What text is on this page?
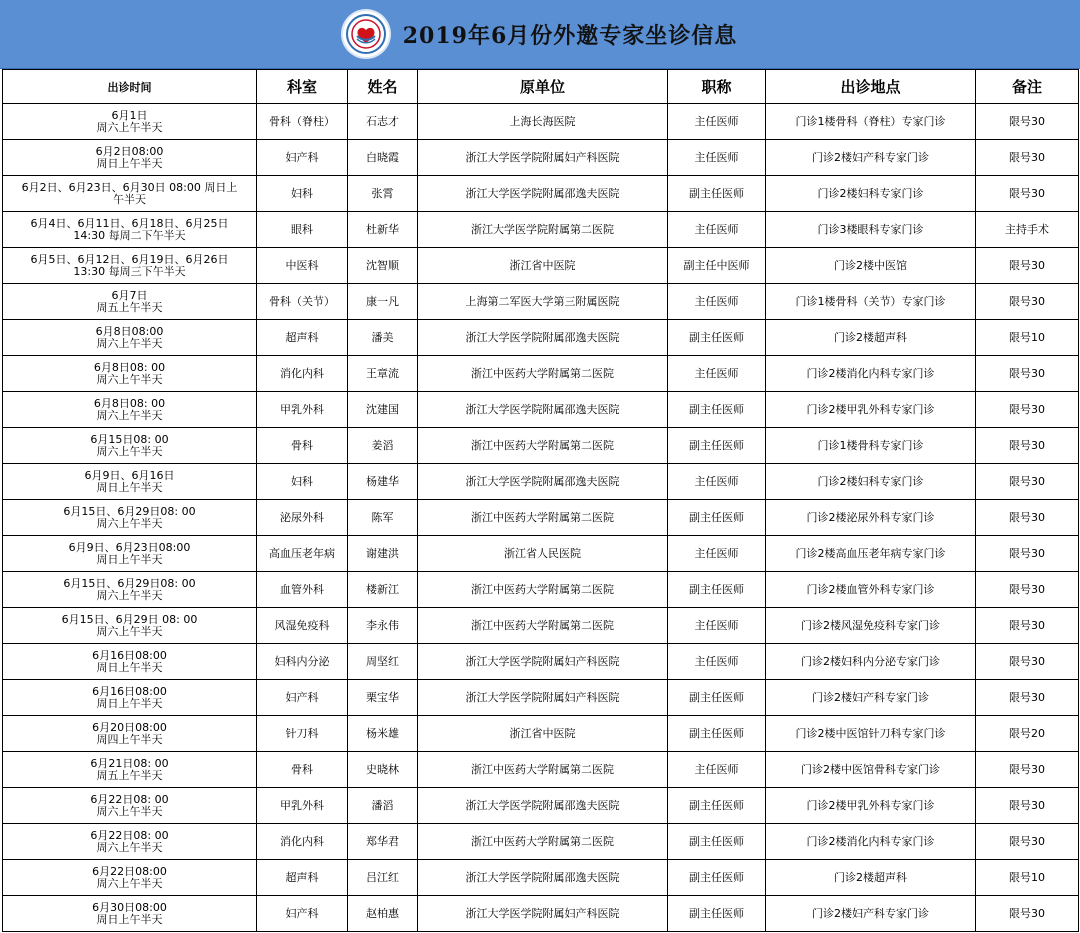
2019年6月份外邀专家坐诊信息
出诊时间	科室	姓名	原单位	职称	出诊地点	备注
6月1日
周六上午半天	骨科（脊柱）	石志才	上海长海医院	主任医师	门诊1楼骨科（脊柱）专家门诊	限号30
6月2日08:00
周日上午半天	妇产科	白晓霞	浙江大学医学院附属妇产科医院	主任医师	门诊2楼妇产科专家门诊	限号30
6月2日、6月23日、6月30日 08:00 周日上
午半天	妇科	张霄	浙江大学医学院附属邵逸夫医院	副主任医师	门诊2楼妇科专家门诊	限号30
6月4日、6月11日、6月18日、6月25日
14:30 每周二下午半天	眼科	杜新华	浙江大学医学院附属第二医院	主任医师	门诊3楼眼科专家门诊	主持手术
6月5日、6月12日、6月19日、6月26日
13:30 每周三下午半天	中医科	沈智顺	浙江省中医院	副主任中医师	门诊2楼中医馆	限号30
6月7日
周五上午半天	骨科（关节）	康一凡	上海第二军医大学第三附属医院	主任医师	门诊1楼骨科（关节）专家门诊	限号30
6月8日08:00
周六上午半天	超声科	潘美	浙江大学医学院附属邵逸夫医院	副主任医师	门诊2楼超声科	限号10
6月8日08: 00
周六上午半天	消化内科	王章流	浙江中医药大学附属第二医院	主任医师	门诊2楼消化内科专家门诊	限号30
6月8日08: 00
周六上午半天	甲乳外科	沈建国	浙江大学医学院附属邵逸夫医院	副主任医师	门诊2楼甲乳外科专家门诊	限号30
6月15日08: 00
周六上午半天	骨科	姜滔	浙江中医药大学附属第二医院	副主任医师	门诊1楼骨科专家门诊	限号30
6月9日、6月16日
周日上午半天	妇科	杨建华	浙江大学医学院附属邵逸夫医院	主任医师	门诊2楼妇科专家门诊	限号30
6月15日、6月29日08: 00
周六上午半天	泌尿外科	陈军	浙江中医药大学附属第二医院	副主任医师	门诊2楼泌尿外科专家门诊	限号30
6月9日、6月23日08:00
周日上午半天	高血压老年病	谢建洪	浙江省人民医院	主任医师	门诊2楼高血压老年病专家门诊	限号30
6月15日、6月29日08: 00
周六上午半天	血管外科	楼新江	浙江中医药大学附属第二医院	副主任医师	门诊2楼血管外科专家门诊	限号30
6月15日、6月29日 08: 00
周六上午半天	风湿免疫科	李永伟	浙江中医药大学附属第二医院	主任医师	门诊2楼风湿免疫科专家门诊	限号30
6月16日08:00
周日上午半天	妇科内分泌	周坚红	浙江大学医学院附属妇产科医院	主任医师	门诊2楼妇科内分泌专家门诊	限号30
6月16日08:00
周日上午半天	妇产科	栗宝华	浙江大学医学院附属妇产科医院	副主任医师	门诊2楼妇产科专家门诊	限号30
6月20日08:00
周四上午半天	针刀科	杨米雄	浙江省中医院	副主任医师	门诊2楼中医馆针刀科专家门诊	限号20
6月21日08: 00
周五上午半天	骨科	史晓林	浙江中医药大学附属第二医院	主任医师	门诊2楼中医馆骨科专家门诊	限号30
6月22日08: 00
周六上午半天	甲乳外科	潘滔	浙江大学医学院附属邵逸夫医院	副主任医师	门诊2楼甲乳外科专家门诊	限号30
6月22日08: 00
周六上午半天	消化内科	郑华君	浙江中医药大学附属第二医院	副主任医师	门诊2楼消化内科专家门诊	限号30
6月22日08:00
周六上午半天	超声科	吕江红	浙江大学医学院附属邵逸夫医院	副主任医师	门诊2楼超声科	限号10
6月30日08:00
周日上午半天	妇产科	赵柏惠	浙江大学医学院附属妇产科医院	副主任医师	门诊2楼妇产科专家门诊	限号30
